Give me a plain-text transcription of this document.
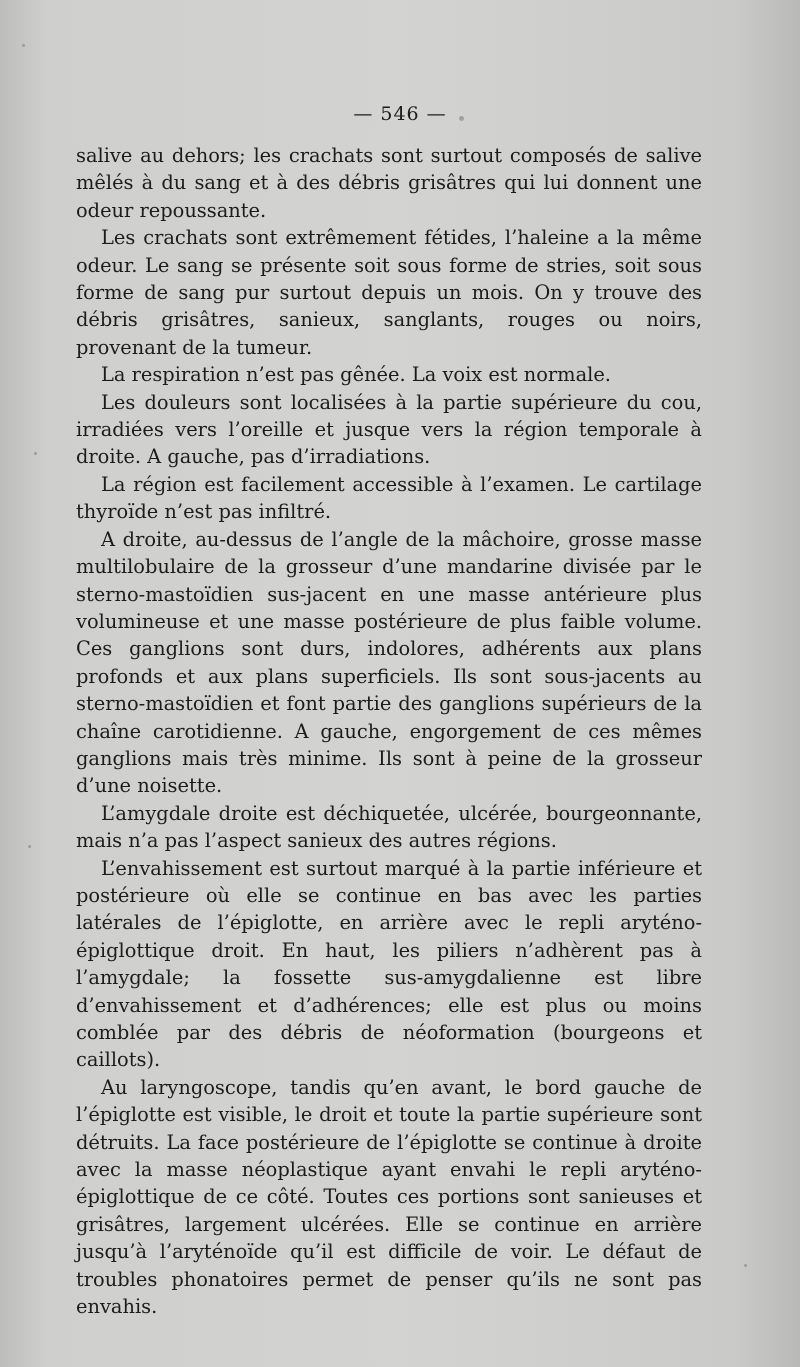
— 546 —

salive au dehors; les crachats sont surtout composés de salive mêlés à du sang et à des débris grisâtres qui lui donnent une odeur repoussante.

Les crachats sont extrêmement fétides, l’haleine a la même odeur. Le sang se présente soit sous forme de stries, soit sous forme de sang pur surtout depuis un mois. On y trouve des débris grisâtres, sanieux, sanglants, rouges ou noirs, provenant de la tumeur.

La respiration n’est pas gênée. La voix est normale.

Les douleurs sont localisées à la partie supérieure du cou, irradiées vers l’oreille et jusque vers la région temporale à droite. A gauche, pas d’irradiations.

La région est facilement accessible à l’examen. Le cartilage thyroïde n’est pas infiltré.

A droite, au-dessus de l’angle de la mâchoire, grosse masse multilobulaire de la grosseur d’une mandarine divisée par le sterno-mastoïdien sus-jacent en une masse antérieure plus volumineuse et une masse postérieure de plus faible volume. Ces ganglions sont durs, indolores, adhérents aux plans profonds et aux plans superficiels. Ils sont sous-jacents au sterno-mastoïdien et font partie des ganglions supérieurs de la chaîne carotidienne. A gauche, engorgement de ces mêmes ganglions mais très minime. Ils sont à peine de la grosseur d’une noisette.

L’amygdale droite est déchiquetée, ulcérée, bourgeonnante, mais n’a pas l’aspect sanieux des autres régions.

L’envahissement est surtout marqué à la partie inférieure et postérieure où elle se continue en bas avec les parties latérales de l’épiglotte, en arrière avec le repli aryténo-épiglottique droit. En haut, les piliers n’adhèrent pas à l’amygdale; la fossette sus-amygdalienne est libre d’envahissement et d’adhérences; elle est plus ou moins comblée par des débris de néoformation (bourgeons et caillots).

Au laryngoscope, tandis qu’en avant, le bord gauche de l’épiglotte est visible, le droit et toute la partie supérieure sont détruits. La face postérieure de l’épiglotte se continue à droite avec la masse néoplastique ayant envahi le repli aryténo-épiglottique de ce côté. Toutes ces portions sont sanieuses et grisâtres, largement ulcérées. Elle se continue en arrière jusqu’à l’aryténoïde qu’il est difficile de voir. Le défaut de troubles phonatoires permet de penser qu’ils ne sont pas envahis.
